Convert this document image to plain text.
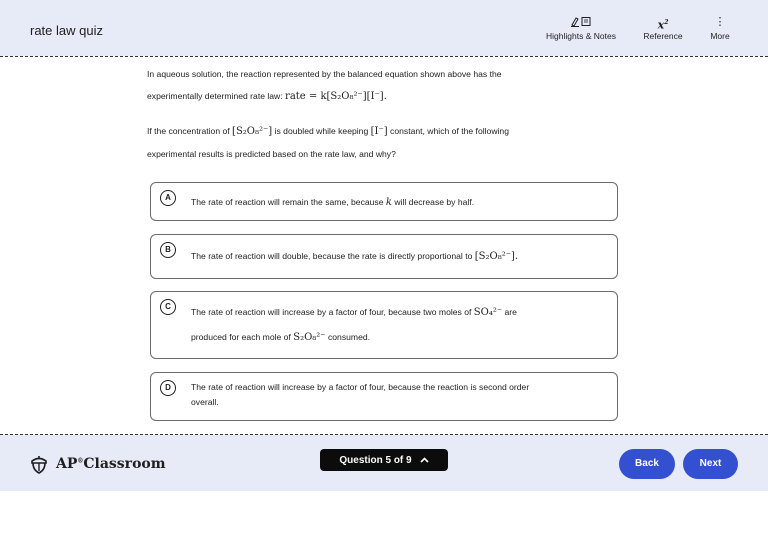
rate law quiz	Highlights & Notes
$x^2$
Reference
⋮
More
In aqueous solution, the reaction represented by the balanced equation shown above has the
experimentally determined rate law: rate = k[S₂O₈²⁻][I⁻].
If the concentration of [S₂O₈²⁻] is doubled while keeping [I⁻] constant, which of the following
experimental results is predicted based on the rate law, and why?
A	The rate of reaction will remain the same, because k will decrease by half.
B
The rate of reaction will double, because the rate is directly proportional to [S₂O₈²⁻].
C
The rate of reaction will increase by a factor of four, because two moles of SO₄²⁻ are
produced for each mole of S₂O₈²⁻ consumed.
D	The rate of reaction will increase by a factor of four, because the reaction is second order
overall.
AP®Classroom	Question 5 of 9	Back	Next
